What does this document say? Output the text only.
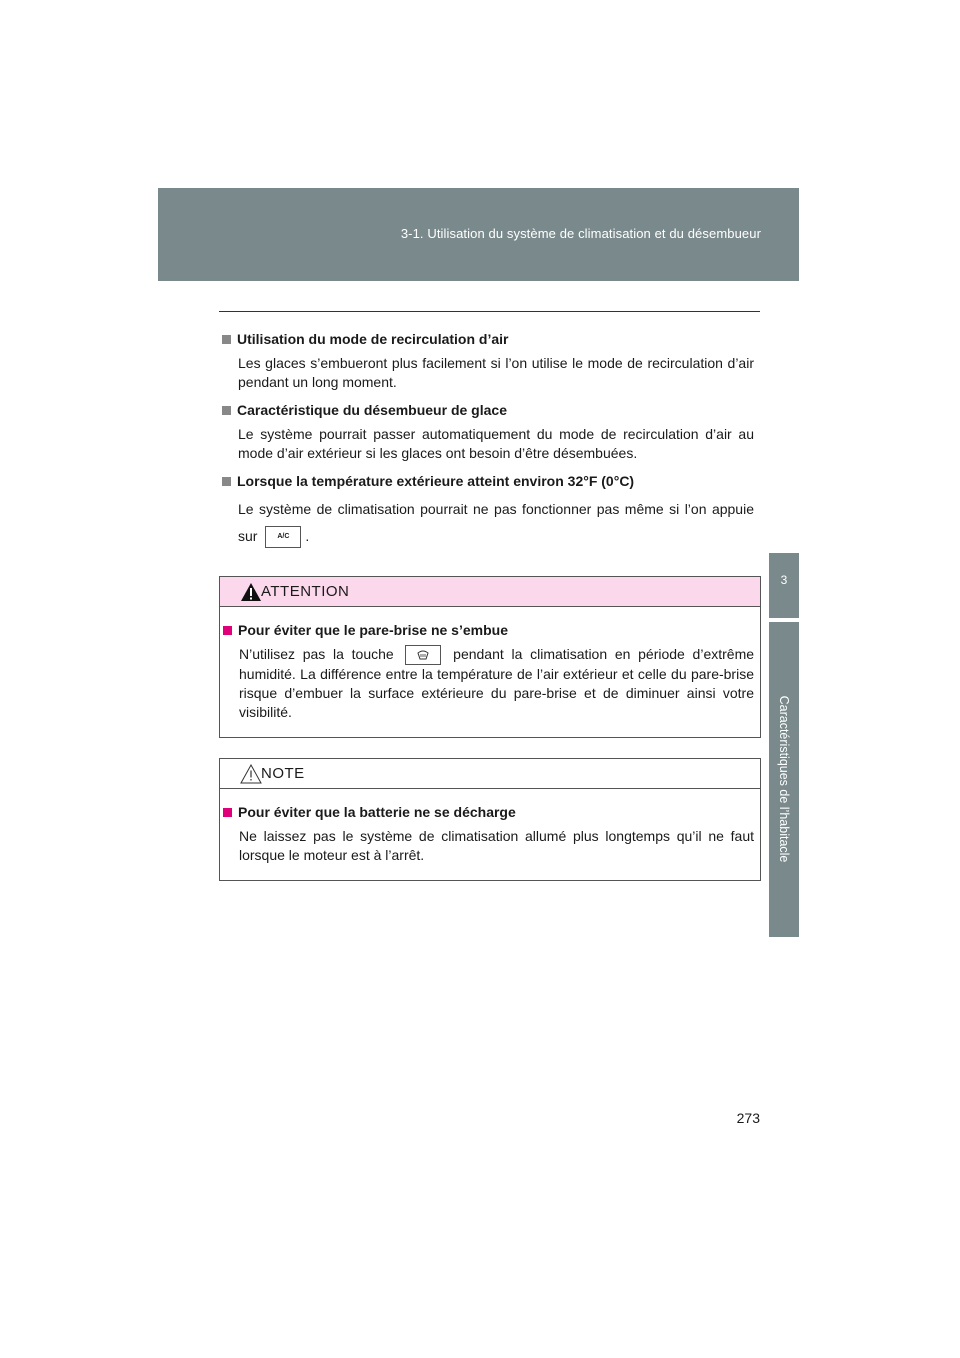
3-1. Utilisation du système de climatisation et du désembueur
3
Caractéristiques de l’habitacle
Utilisation du mode de recirculation d’air
Les glaces s’embueront plus facilement si l’on utilise le mode de recirculation d’air pendant un long moment.
Caractéristique du désembueur de glace
Le système pourrait passer automatiquement du mode de recirculation d’air au mode d’air extérieur si les glaces ont besoin d’être désembuées.
Lorsque la température extérieure atteint environ 32°F (0°C)
Le système de climatisation pourrait ne pas fonctionner pas même si l’on appuie sur	A/C .
ATTENTION
Pour éviter que le pare-brise ne s’embue
N’utilisez pas la touche	pendant la climatisation en période d’extrême humidité. La différence entre la température de l’air extérieur et celle du pare-brise risque d’embuer la surface extérieure du pare-brise et de diminuer ainsi votre visibilité.
NOTE
Pour éviter que la batterie ne se décharge
Ne laissez pas le système de climatisation allumé plus longtemps qu’il ne faut lorsque le moteur est à l’arrêt.
273
